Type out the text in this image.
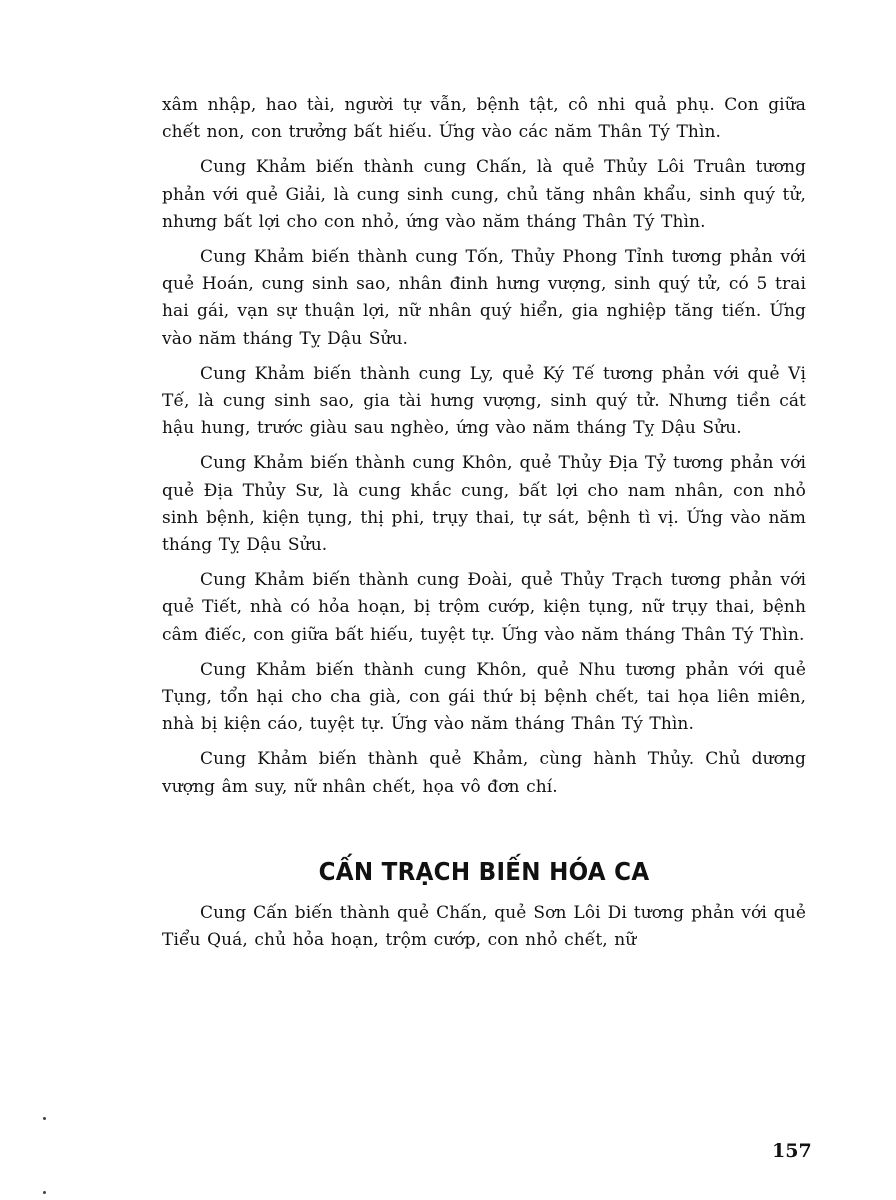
xâm nhập, hao tài, người tự vẫn, bệnh tật, cô nhi quả phụ. Con giữa chết non, con trưởng bất hiếu. Ứng vào các năm Thân Tý Thìn.

Cung Khảm biến thành cung Chấn, là quẻ Thủy Lôi Truân tương phản với quẻ Giải, là cung sinh cung, chủ tăng nhân khẩu, sinh quý tử, nhưng bất lợi cho con nhỏ, ứng vào năm tháng Thân Tý Thìn.

Cung Khảm biến thành cung Tốn, Thủy Phong Tỉnh tương phản với quẻ Hoán, cung sinh sao, nhân đinh hưng vượng, sinh quý tử, có 5 trai hai gái, vạn sự thuận lợi, nữ nhân quý hiển, gia nghiệp tăng tiến. Ứng vào năm tháng Tỵ Dậu Sửu.

Cung Khảm biến thành cung Ly, quẻ Ký Tế tương phản với quẻ Vị Tế, là cung sinh sao, gia tài hưng vượng, sinh quý tử. Nhưng tiền cát hậu hung, trước giàu sau nghèo, ứng vào năm tháng Tỵ Dậu Sửu.

Cung Khảm biến thành cung Khôn, quẻ Thủy Địa Tỷ tương phản với quẻ Địa Thủy Sư, là cung khắc cung, bất lợi cho nam nhân, con nhỏ sinh bệnh, kiện tụng, thị phi, trụy thai, tự sát, bệnh tì vị. Ứng vào năm tháng Tỵ Dậu Sửu.

Cung Khảm biến thành cung Đoài, quẻ Thủy Trạch tương phản với quẻ Tiết, nhà có hỏa hoạn, bị trộm cướp, kiện tụng, nữ trụy thai, bệnh câm điếc, con giữa bất hiếu, tuyệt tự. Ứng vào năm tháng Thân Tý Thìn.

Cung Khảm biến thành cung Khôn, quẻ Nhu tương phản với quẻ Tụng, tổn hại cho cha già, con gái thứ bị bệnh chết, tai họa liên miên, nhà bị kiện cáo, tuyệt tự. Ứng vào năm tháng Thân Tý Thìn.

Cung Khảm biến thành quẻ Khảm, cùng hành Thủy. Chủ dương vượng âm suy, nữ nhân chết, họa vô đơn chí.

CẤN TRẠCH BIẾN HÓA CA

Cung Cấn biến thành quẻ Chấn, quẻ Sơn Lôi Di tương phản với quẻ Tiểu Quá, chủ hỏa hoạn, trộm cướp, con nhỏ chết, nữ

157
